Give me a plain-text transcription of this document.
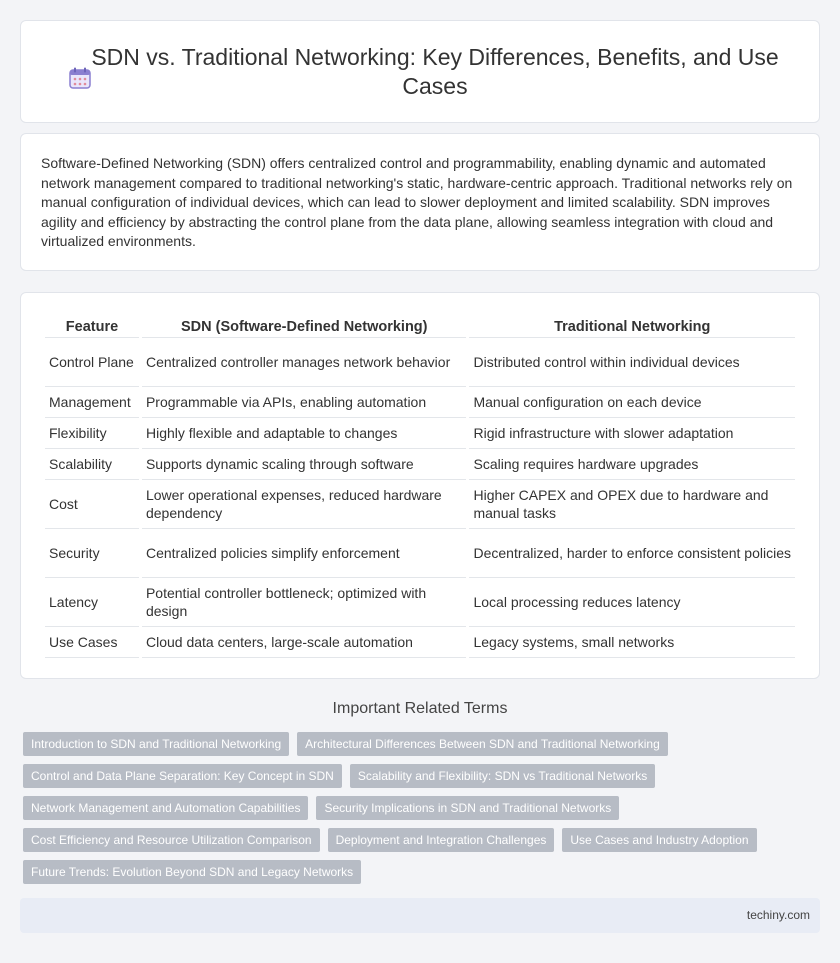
SDN vs. Traditional Networking: Key Differences, Benefits, and Use Cases

Software-Defined Networking (SDN) offers centralized control and programmability, enabling dynamic and automated network management compared to traditional networking's static, hardware-centric approach. Traditional networks rely on manual configuration of individual devices, which can lead to slower deployment and limited scalability. SDN improves agility and efficiency by abstracting the control plane from the data plane, allowing seamless integration with cloud and virtualized environments.

Feature	SDN (Software-Defined Networking)	Traditional Networking
Control Plane	Centralized controller manages network behavior	Distributed control within individual devices
Management	Programmable via APIs, enabling automation	Manual configuration on each device
Flexibility	Highly flexible and adaptable to changes	Rigid infrastructure with slower adaptation
Scalability	Supports dynamic scaling through software	Scaling requires hardware upgrades
Cost	Lower operational expenses, reduced hardware dependency	Higher CAPEX and OPEX due to hardware and manual tasks
Security	Centralized policies simplify enforcement	Decentralized, harder to enforce consistent policies
Latency	Potential controller bottleneck; optimized with design	Local processing reduces latency
Use Cases	Cloud data centers, large-scale automation	Legacy systems, small networks
Important Related Terms
Introduction to SDN and Traditional Networking	Architectural Differences Between SDN and Traditional Networking
Control and Data Plane Separation: Key Concept in SDN	Scalability and Flexibility: SDN vs Traditional Networks
Network Management and Automation Capabilities	Security Implications in SDN and Traditional Networks
Cost Efficiency and Resource Utilization Comparison	Deployment and Integration Challenges	Use Cases and Industry Adoption
Future Trends: Evolution Beyond SDN and Legacy Networks
techiny.com
